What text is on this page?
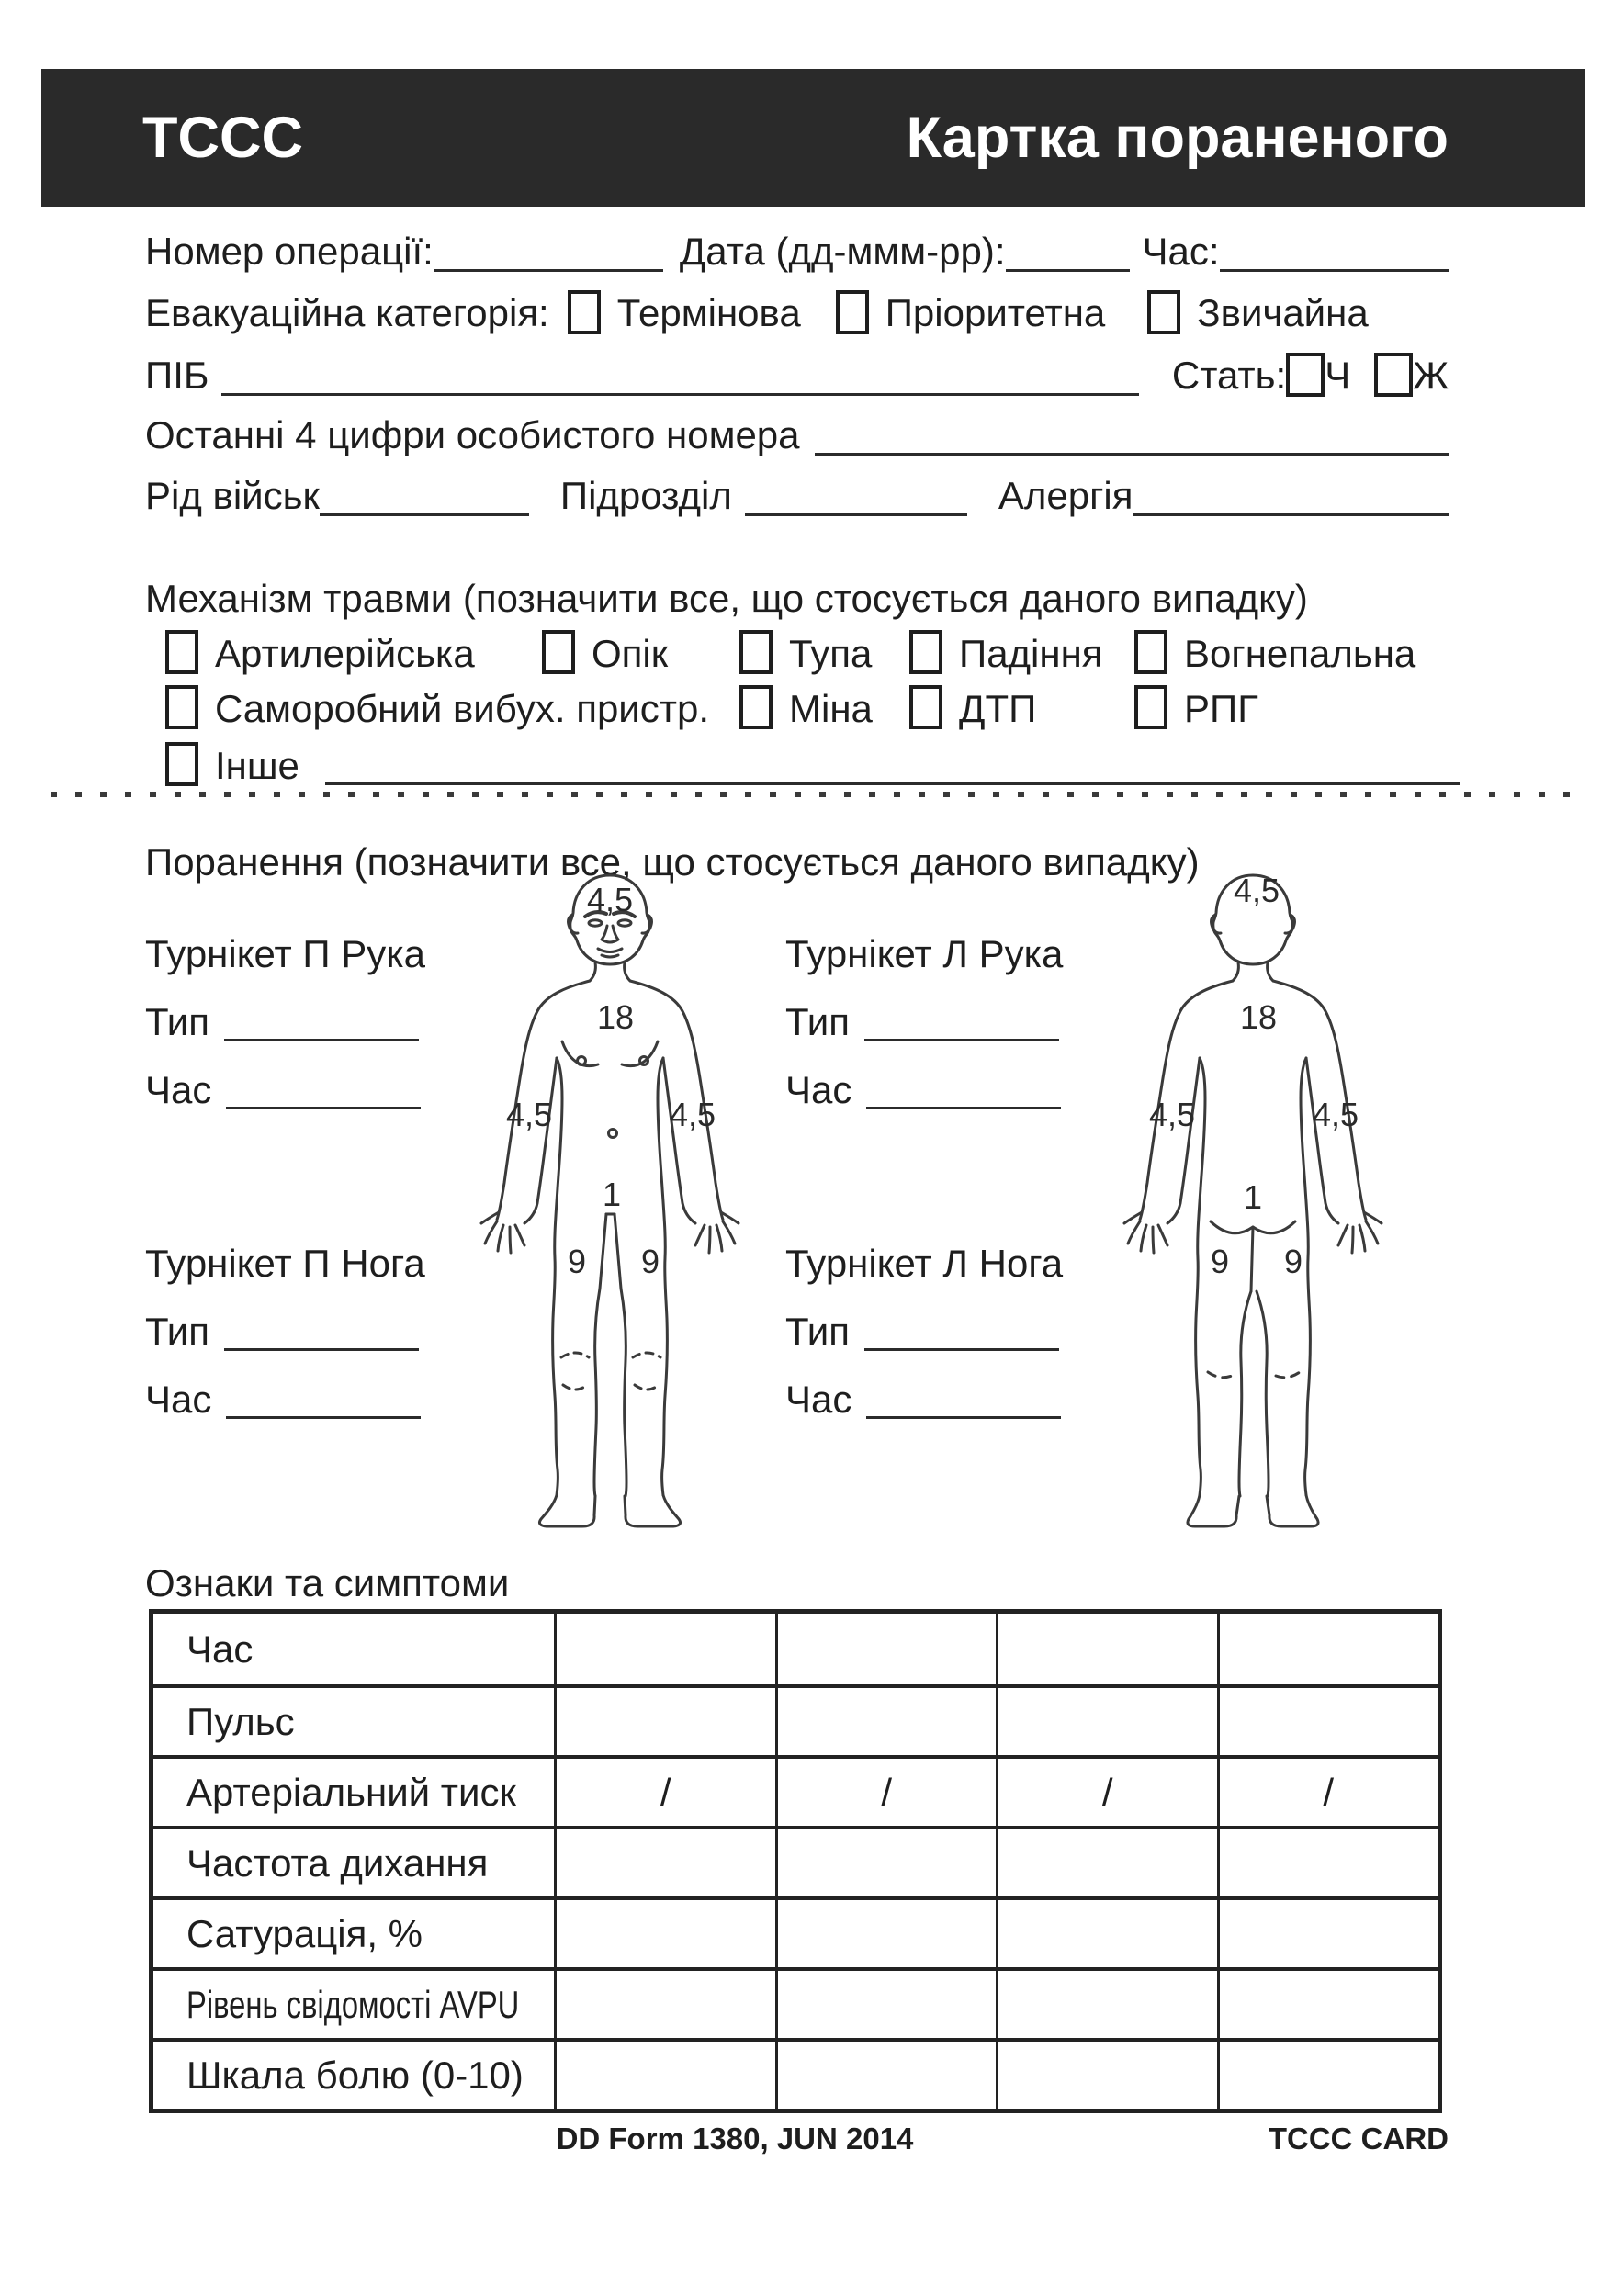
TCCC	Картка пораненого
Номер операції:	Дата (дд-ммм-рр):	Час:
Евакуаційна категорія: Термінова Пріоритетна Звичайна
ПІБ	Стать: Ч Ж
Останні 4 цифри особистого номера
Рід військ	Підрозділ	Алергія
Механізм травми (позначити все, що стосується даного випадку)
Артилерійська	Опік	Тупа Падіння Вогнепальна
Саморобний вибух. пристр. Міна ДТП	РПГ
Інше
Поранення (позначити все, що стосується даного випадку)
Турнікет П Рука
Тип
Час
Турнікет Л Рука
Тип
Час
Турнікет П Нога
Тип
Час
Турнікет Л Нога
Тип
Час
4,5
18
4,5	4,5
1
9 9
4,5
18
4,5	4,5
1
9 9
Ознаки та симптоми
Час
Пульс
Артеріальний тиск	/	/	/	/
Частота дихання
Сатурація, %
Рівень свідомості AVPU
Шкала болю (0-10)
DD Form 1380, JUN 2014	TCCC CARD
